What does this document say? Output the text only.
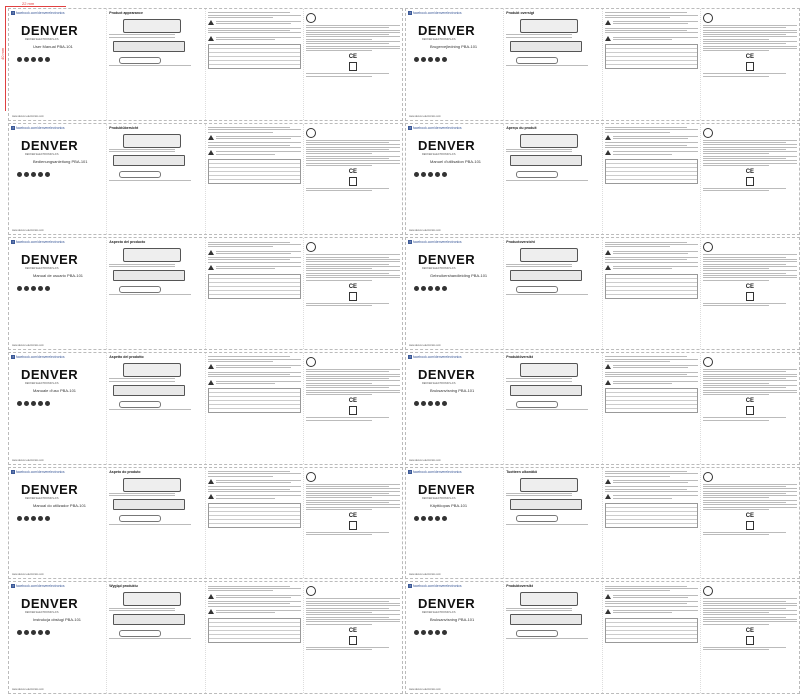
22 mm
40 mm
f facebook.com/denverelectronics
DENVER
DENVER ELECTRONICS A/S
User Manual PBA-101
www.denver-electronics.com
Product appearance
CE
f facebook.com/denverelectronics
DENVER
DENVER ELECTRONICS A/S
Brugervejledning PBA-101
www.denver-electronics.com
Produkt oversigt
CE
f facebook.com/denverelectronics
DENVER
DENVER ELECTRONICS A/S
Bedienungsanleitung PBA-101
www.denver-electronics.com
Produktübersicht
CE
f facebook.com/denverelectronics
DENVER
DENVER ELECTRONICS A/S
Manuel d'utilisation PBA-101
www.denver-electronics.com
Aperçu du produit
CE
f facebook.com/denverelectronics
DENVER
DENVER ELECTRONICS A/S
Manual de usuario PBA-101
www.denver-electronics.com
Aspecto del producto
CE
f facebook.com/denverelectronics
DENVER
DENVER ELECTRONICS A/S
Gebruikershandleiding PBA-101
www.denver-electronics.com
Productoverzicht
CE
f facebook.com/denverelectronics
DENVER
DENVER ELECTRONICS A/S
Manuale d'uso PBA-101
www.denver-electronics.com
Aspetto del prodotto
CE
f facebook.com/denverelectronics
DENVER
DENVER ELECTRONICS A/S
Bruksanvisning PBA-101
www.denver-electronics.com
Produktöversikt
CE
f facebook.com/denverelectronics
DENVER
DENVER ELECTRONICS A/S
Manual do utilizador PBA-101
www.denver-electronics.com
Aspeto do produto
CE
f facebook.com/denverelectronics
DENVER
DENVER ELECTRONICS A/S
Käyttöopas PBA-101
www.denver-electronics.com
Tuotteen ulkonäkö
CE
f facebook.com/denverelectronics
DENVER
DENVER ELECTRONICS A/S
Instrukcja obsługi PBA-101
www.denver-electronics.com
Wygląd produktu
CE
f facebook.com/denverelectronics
DENVER
DENVER ELECTRONICS A/S
Bruksanvisning PBA-101
www.denver-electronics.com
Produktoversikt
CE
